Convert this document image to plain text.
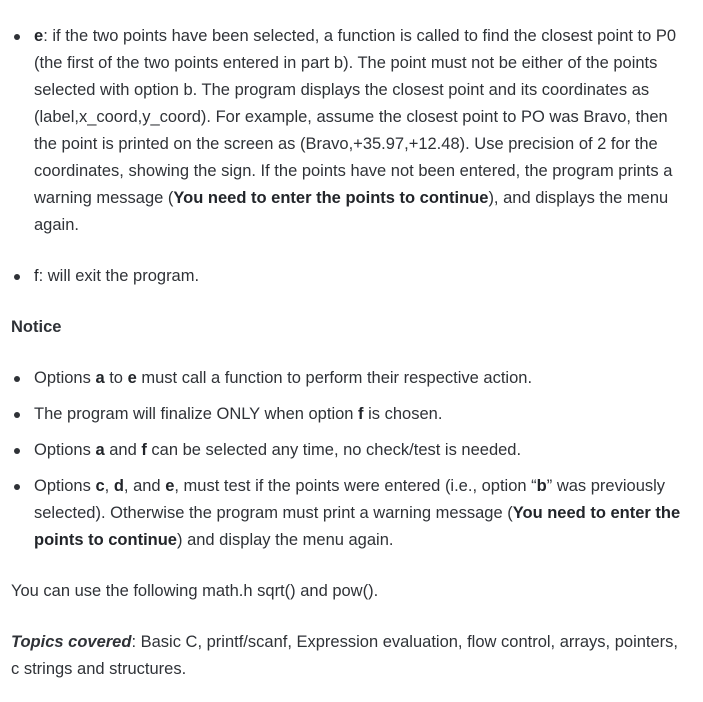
e: if the two points have been selected, a function is called to find the closest point to P0 (the first of the two points entered in part b). The point must not be either of the points selected with option b. The program displays the closest point and its coordinates as (label,x_coord,y_coord). For example, assume the closest point to PO was Bravo, then the point is printed on the screen as (Bravo,+35.97,+12.48). Use precision of 2 for the coordinates, showing the sign. If the points have not been entered, the program prints a warning message (You need to enter the points to continue), and displays the menu again.
f: will exit the program.

Notice

Options a to e must call a function to perform their respective action.
The program will finalize ONLY when option f is chosen.
Options a and f can be selected any time, no check/test is needed.
Options c, d, and e, must test if the points were entered (i.e., option “b” was previously selected). Otherwise the program must print a warning message (You need to enter the points to continue) and display the menu again.

You can use the following math.h sqrt() and pow().

Topics covered: Basic C, printf/scanf, Expression evaluation, flow control, arrays, pointers, c strings and structures.
